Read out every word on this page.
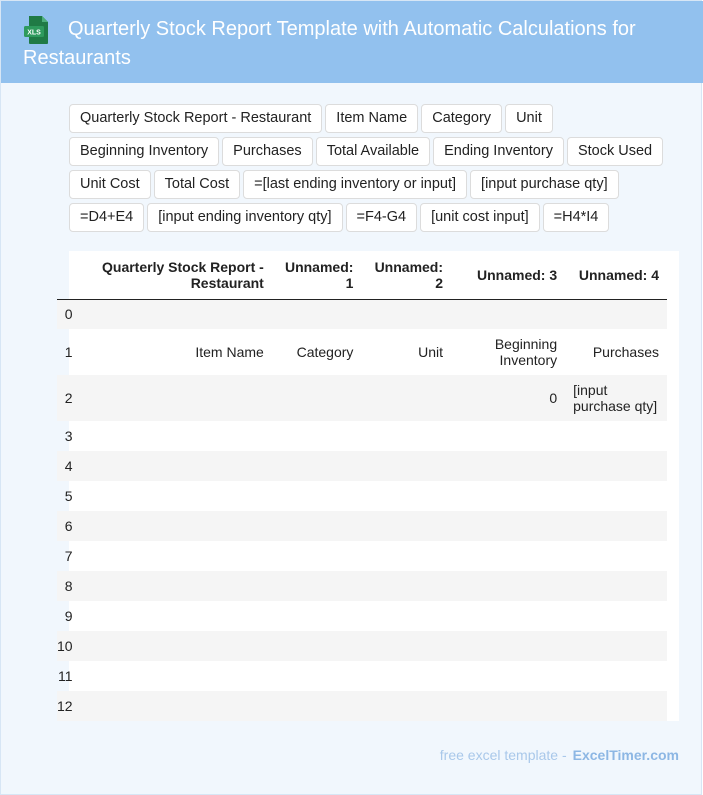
Quarterly Stock Report Template with Automatic Calculations for Restaurants
XLS
Quarterly Stock Report - Restaurant	Item Name	Category	Unit
Beginning Inventory	Purchases	Total Available	Ending Inventory	Stock Used
Unit Cost	Total Cost	=[last ending inventory or input]	[input purchase qty]
=D4+E4	[input ending inventory qty]	=F4-G4	[unit cost input]	=H4*I4
	Quarterly Stock Report - Restaurant	Unnamed: 1	Unnamed: 2	Unnamed: 3	Unnamed: 4
0					
1	Item Name	Category	Unit	Beginning Inventory	Purchases
2				0	[input purchase qty]
3					
4					
5					
6					
7					
8					
9					
10					
11					
12					
free excel template - ExcelTimer.com
